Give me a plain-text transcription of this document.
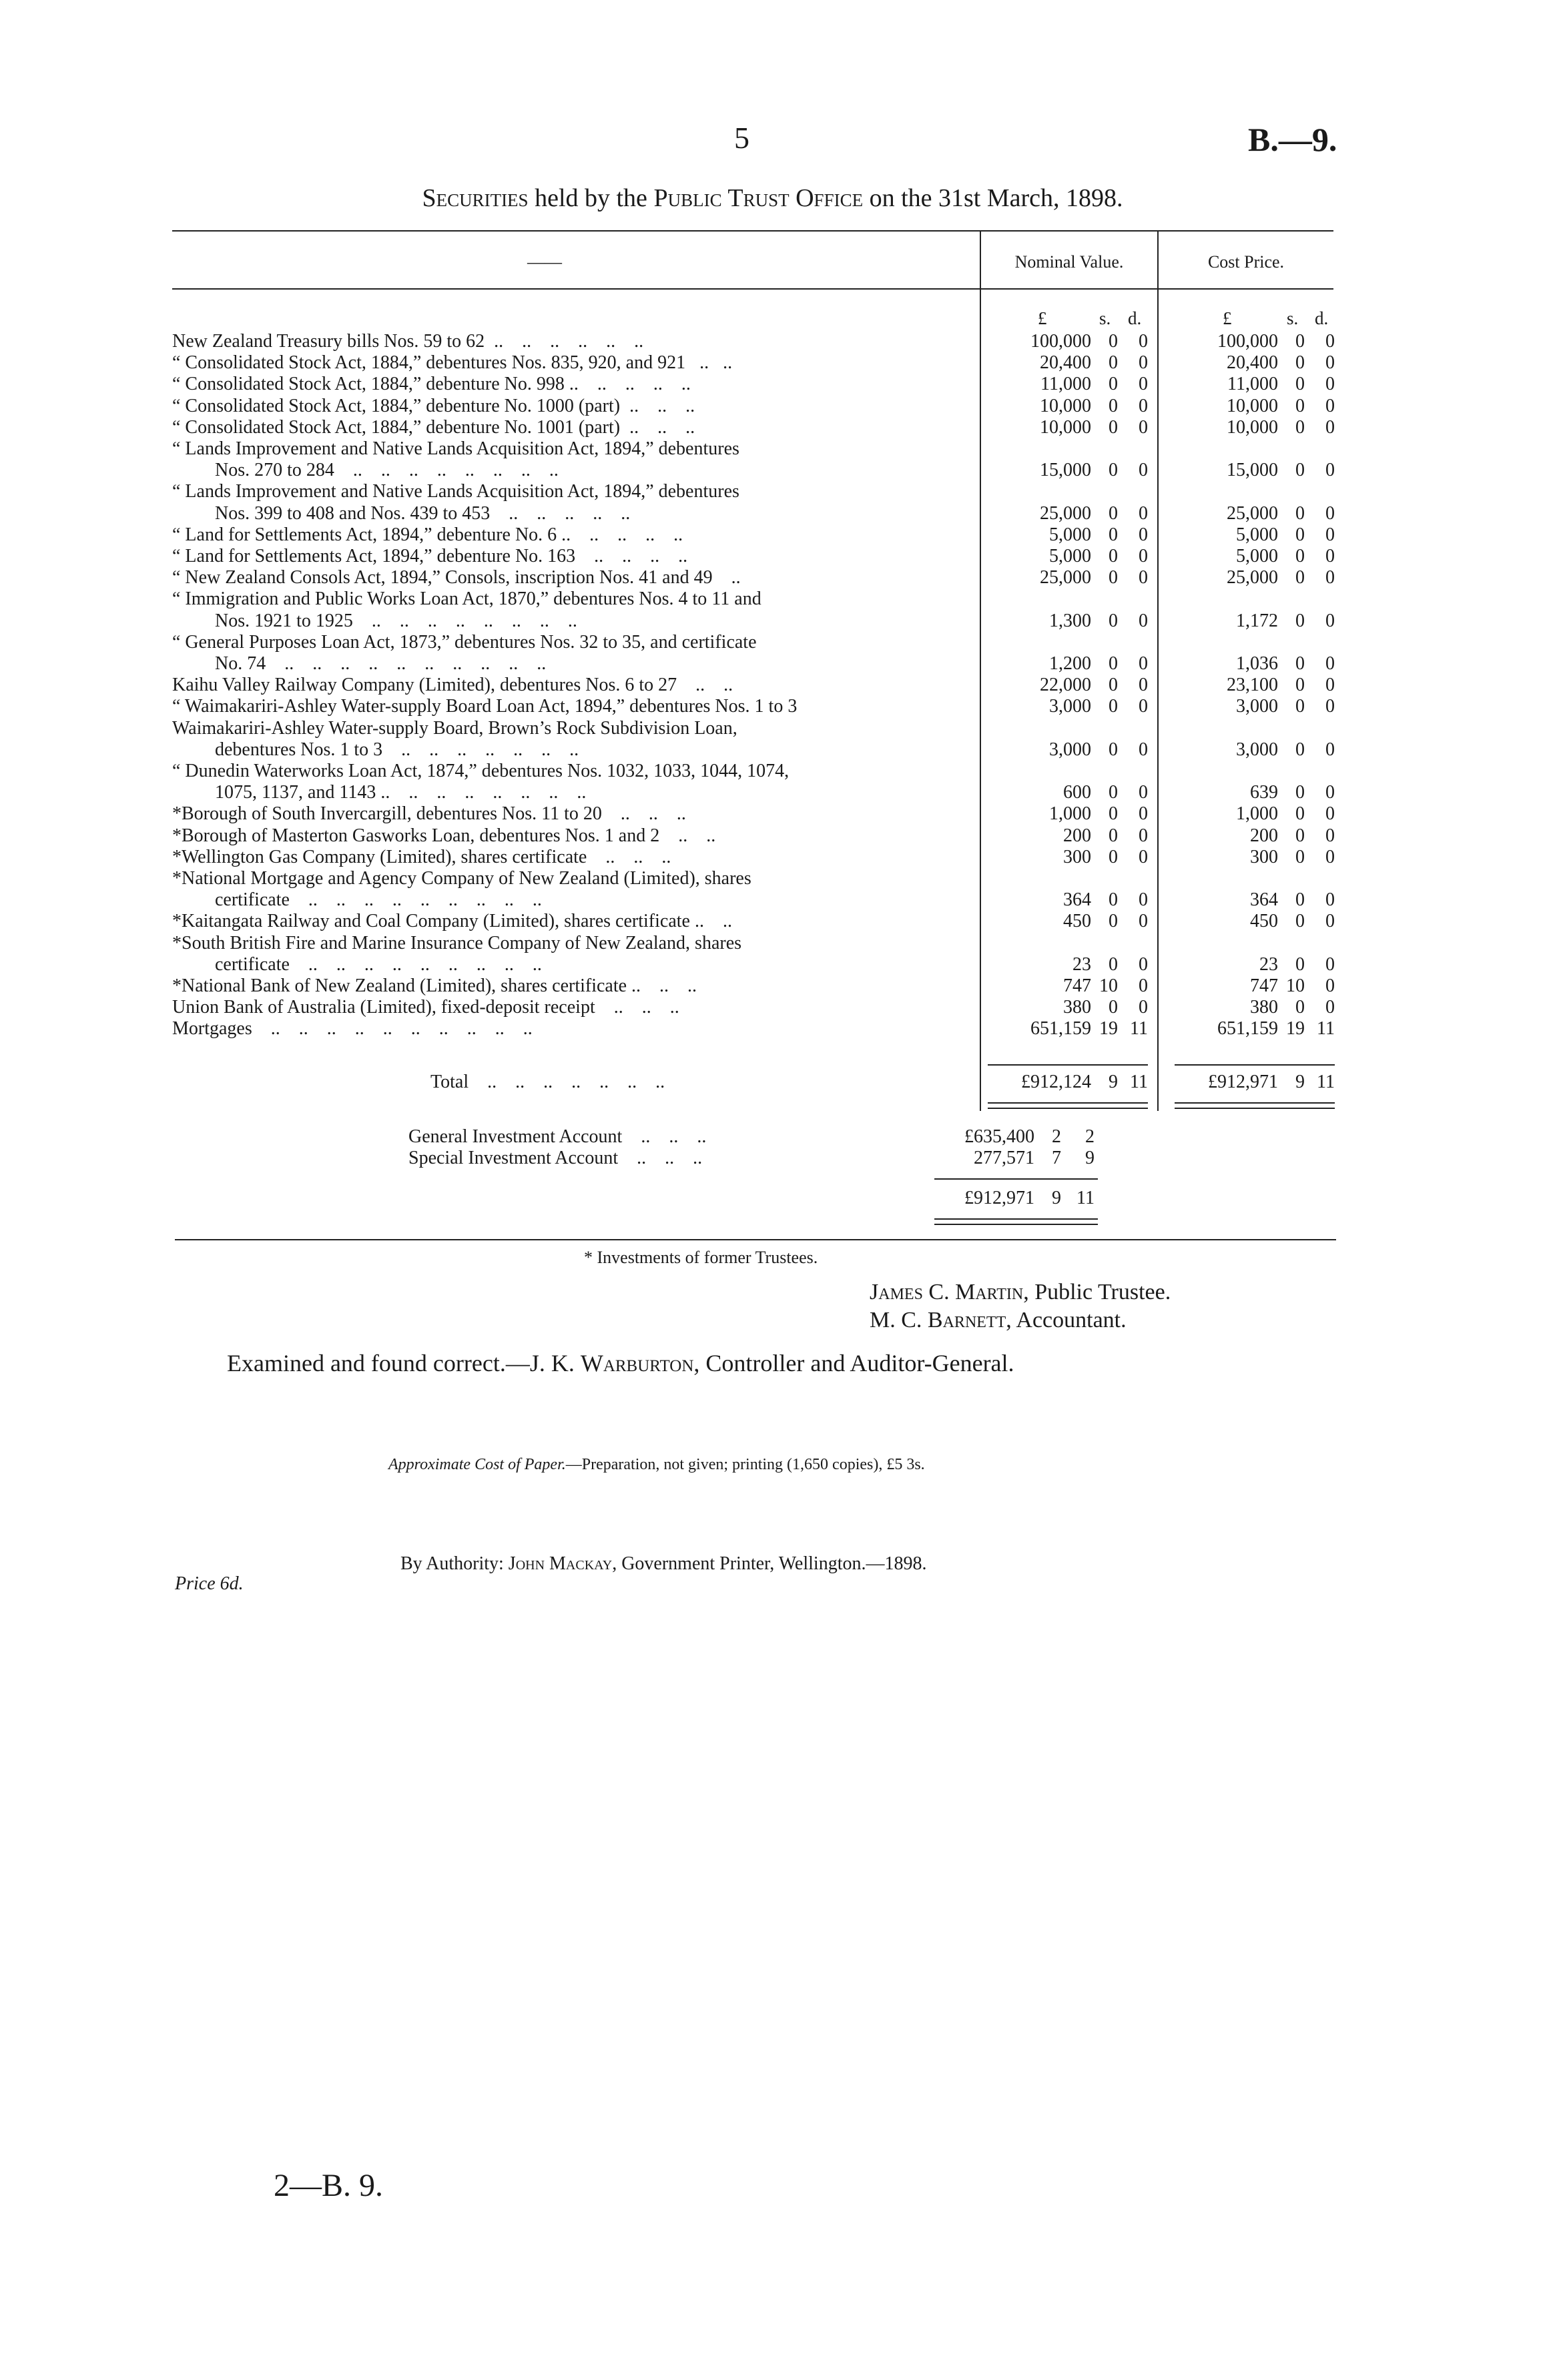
5	B.—9.
Securities held by the Public Trust Office on the 31st March, 1898.
——	Nominal Value.	Cost Price.
£	s. d.	£	s. d.
New Zealand Treasury bills Nos. 59 to 62  ..    ..    ..    ..    ..    ..	100,000 0	0	100,000 0	0
“ Consolidated Stock Act, 1884,” debentures Nos. 835, 920, and 921   ..   ..	20,400 0	0	20,400 0	0
“ Consolidated Stock Act, 1884,” debenture No. 998 ..    ..    ..    ..    ..	11,000 0	0	11,000 0	0
“ Consolidated Stock Act, 1884,” debenture No. 1000 (part)  ..    ..    ..	10,000 0	0	10,000 0	0
“ Consolidated Stock Act, 1884,” debenture No. 1001 (part)  ..    ..    ..	10,000 0	0	10,000 0	0
“ Lands Improvement and Native Lands Acquisition Act, 1894,” debentures
Nos. 270 to 284    ..    ..    ..    ..    ..    ..    ..    ..	15,000 0	0	15,000 0	0
“ Lands Improvement and Native Lands Acquisition Act, 1894,” debentures
Nos. 399 to 408 and Nos. 439 to 453    ..    ..    ..    ..    ..	25,000 0	0	25,000 0	0
“ Land for Settlements Act, 1894,” debenture No. 6 ..    ..    ..    ..    ..	5,000 0	0	5,000 0	0
“ Land for Settlements Act, 1894,” debenture No. 163    ..    ..    ..    ..	5,000 0	0	5,000 0	0
“ New Zealand Consols Act, 1894,” Consols, inscription Nos. 41 and 49    ..	25,000 0	0	25,000 0	0
“ Immigration and Public Works Loan Act, 1870,” debentures Nos. 4 to 11 and
Nos. 1921 to 1925    ..    ..    ..    ..    ..    ..    ..    ..	1,300 0	0	1,172 0	0
“ General Purposes Loan Act, 1873,” debentures Nos. 32 to 35, and certificate
No. 74    ..    ..    ..    ..    ..    ..    ..    ..    ..    ..	1,200 0	0	1,036 0	0
Kaihu Valley Railway Company (Limited), debentures Nos. 6 to 27    ..    ..	22,000 0	0	23,100 0	0
“ Waimakariri-Ashley Water-supply Board Loan Act, 1894,” debentures Nos. 1 to 3	3,000 0	0	3,000 0	0
Waimakariri-Ashley Water-supply Board, Brown’s Rock Subdivision Loan,
debentures Nos. 1 to 3    ..    ..    ..    ..    ..    ..    ..	3,000 0	0	3,000 0	0
“ Dunedin Waterworks Loan Act, 1874,” debentures Nos. 1032, 1033, 1044, 1074,
1075, 1137, and 1143 ..    ..    ..    ..    ..    ..    ..    ..	600 0	0	639 0	0
*Borough of South Invercargill, debentures Nos. 11 to 20    ..    ..    ..	1,000 0	0	1,000 0	0
*Borough of Masterton Gasworks Loan, debentures Nos. 1 and 2    ..    ..	200 0	0	200 0	0
*Wellington Gas Company (Limited), shares certificate    ..    ..    ..	300 0	0	300 0	0
*National Mortgage and Agency Company of New Zealand (Limited), shares
certificate    ..    ..    ..    ..    ..    ..    ..    ..    ..	364 0	0	364 0	0
*Kaitangata Railway and Coal Company (Limited), shares certificate ..    ..	450 0	0	450 0	0
*South British Fire and Marine Insurance Company of New Zealand, shares
certificate    ..    ..    ..    ..    ..    ..    ..    ..    ..	23 0	0	23 0	0
*National Bank of New Zealand (Limited), shares certificate ..    ..    ..	747 10	0	747 10	0
Union Bank of Australia (Limited), fixed-deposit receipt    ..    ..    ..	380 0	0	380 0	0
Mortgages    ..    ..    ..    ..    ..    ..    ..    ..    ..    ..	651,159 19 11	651,159 19 11
Total    ..    ..    ..    ..    ..    ..    ..	£912,124 9 11	£912,971 9 11
General Investment Account    ..    ..    ..	£635,400 2	2
Special Investment Account    ..    ..    ..	277,571 7	9
£912,971 9 11
* Investments of former Trustees.
James C. Martin, Public Trustee.
M. C. Barnett, Accountant.
Examined and found correct.—J. K. Warburton, Controller and Auditor-General.
Approximate Cost of Paper.—Preparation, not given; printing (1,650 copies), £5 3s.
By Authority: John Mackay, Government Printer, Wellington.—1898.
Price 6d.
2—B. 9.
